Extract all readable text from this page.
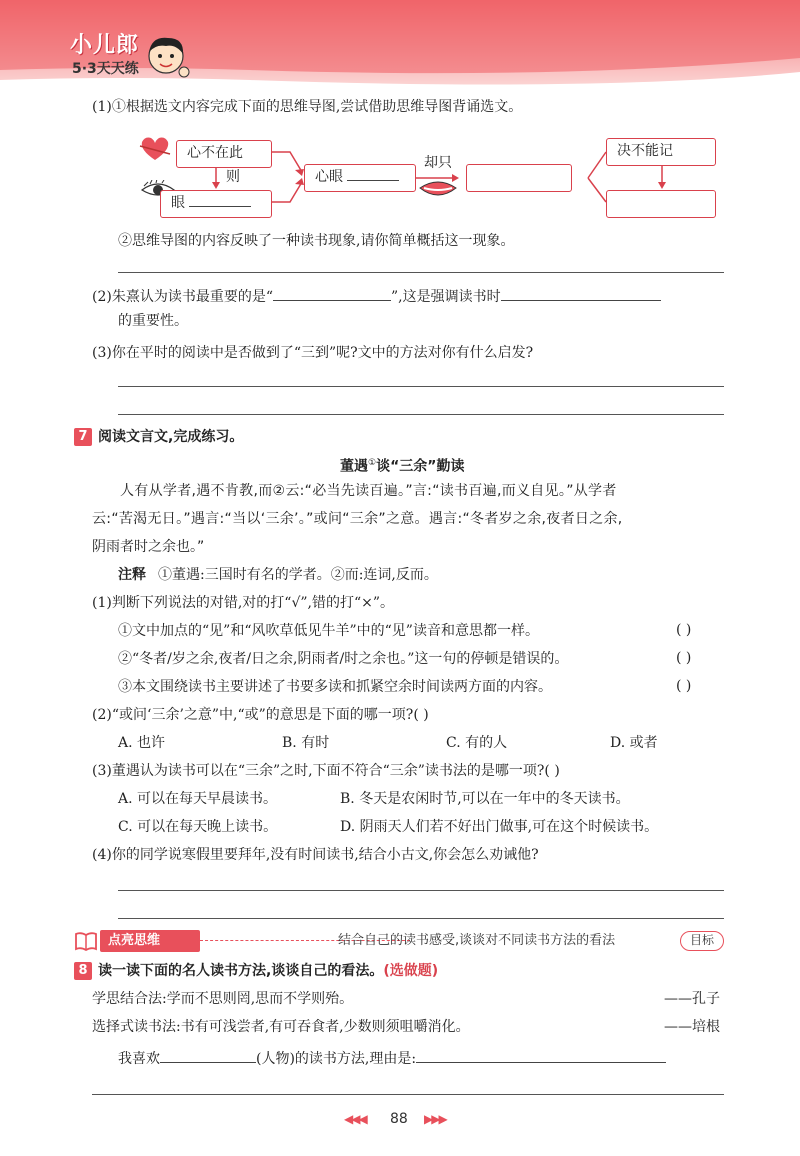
小儿郎
5·3天天练
(1)①根据选文内容完成下面的思维导图,尝试借助思维导图背诵选文。
心不在此
则
眼
心眼
却只
决不能记
②思维导图的内容反映了一种读书现象,请你简单概括这一现象。
(2)朱熹认为读书最重要的是“	”,这是强调读书时
的重要性。
(3)你在平时的阅读中是否做到了“三到”呢?文中的方法对你有什么启发?
7 阅读文言文,完成练习。
董遇①谈“三余”勤读
人有从学者,遇不肯教,而②云:“必当先读百遍。”言:“读书百遍,而义自见。”从学者
云:“苦渴无日。”遇言:“当以‘三余’。”或问“三余”之意。遇言:“冬者岁之余,夜者日之余,
阴雨者时之余也。”
注释 ①董遇:三国时有名的学者。②而:连词,反而。
(1)判断下列说法的对错,对的打“√”,错的打“×”。
①文中加点的“见”和“风吹草低见牛羊”中的“见”读音和意思都一样。	( )
②“冬者/岁之余,夜者/日之余,阴雨者/时之余也。”这一句的停顿是错误的。	( )
③本文围绕读书主要讲述了书要多读和抓紧空余时间读两方面的内容。	( )
(2)“或问‘三余’之意”中,“或”的意思是下面的哪一项?( )
A. 也许	B. 有时	C. 有的人	D. 或者
(3)董遇认为读书可以在“三余”之时,下面不符合“三余”读书法的是哪一项?( )
A. 可以在每天早晨读书。	B. 冬天是农闲时节,可以在一年中的冬天读书。
C. 可以在每天晚上读书。	D. 阴雨天人们若不好出门做事,可在这个时候读书。
(4)你的同学说寒假里要拜年,没有时间读书,结合小古文,你会怎么劝诫他?
点亮思维	结合自己的读书感受,谈谈对不同读书方法的看法	目标
8 读一读下面的名人读书方法,谈谈自己的看法。(选做题)
学思结合法:学而不思则罔,思而不学则殆。	——孔子
选择式读书法:书有可浅尝者,有可吞食者,少数则须咀嚼消化。	——培根
我喜欢	(人物)的读书方法,理由是:
◀◀◀ 88 ▶▶▶
